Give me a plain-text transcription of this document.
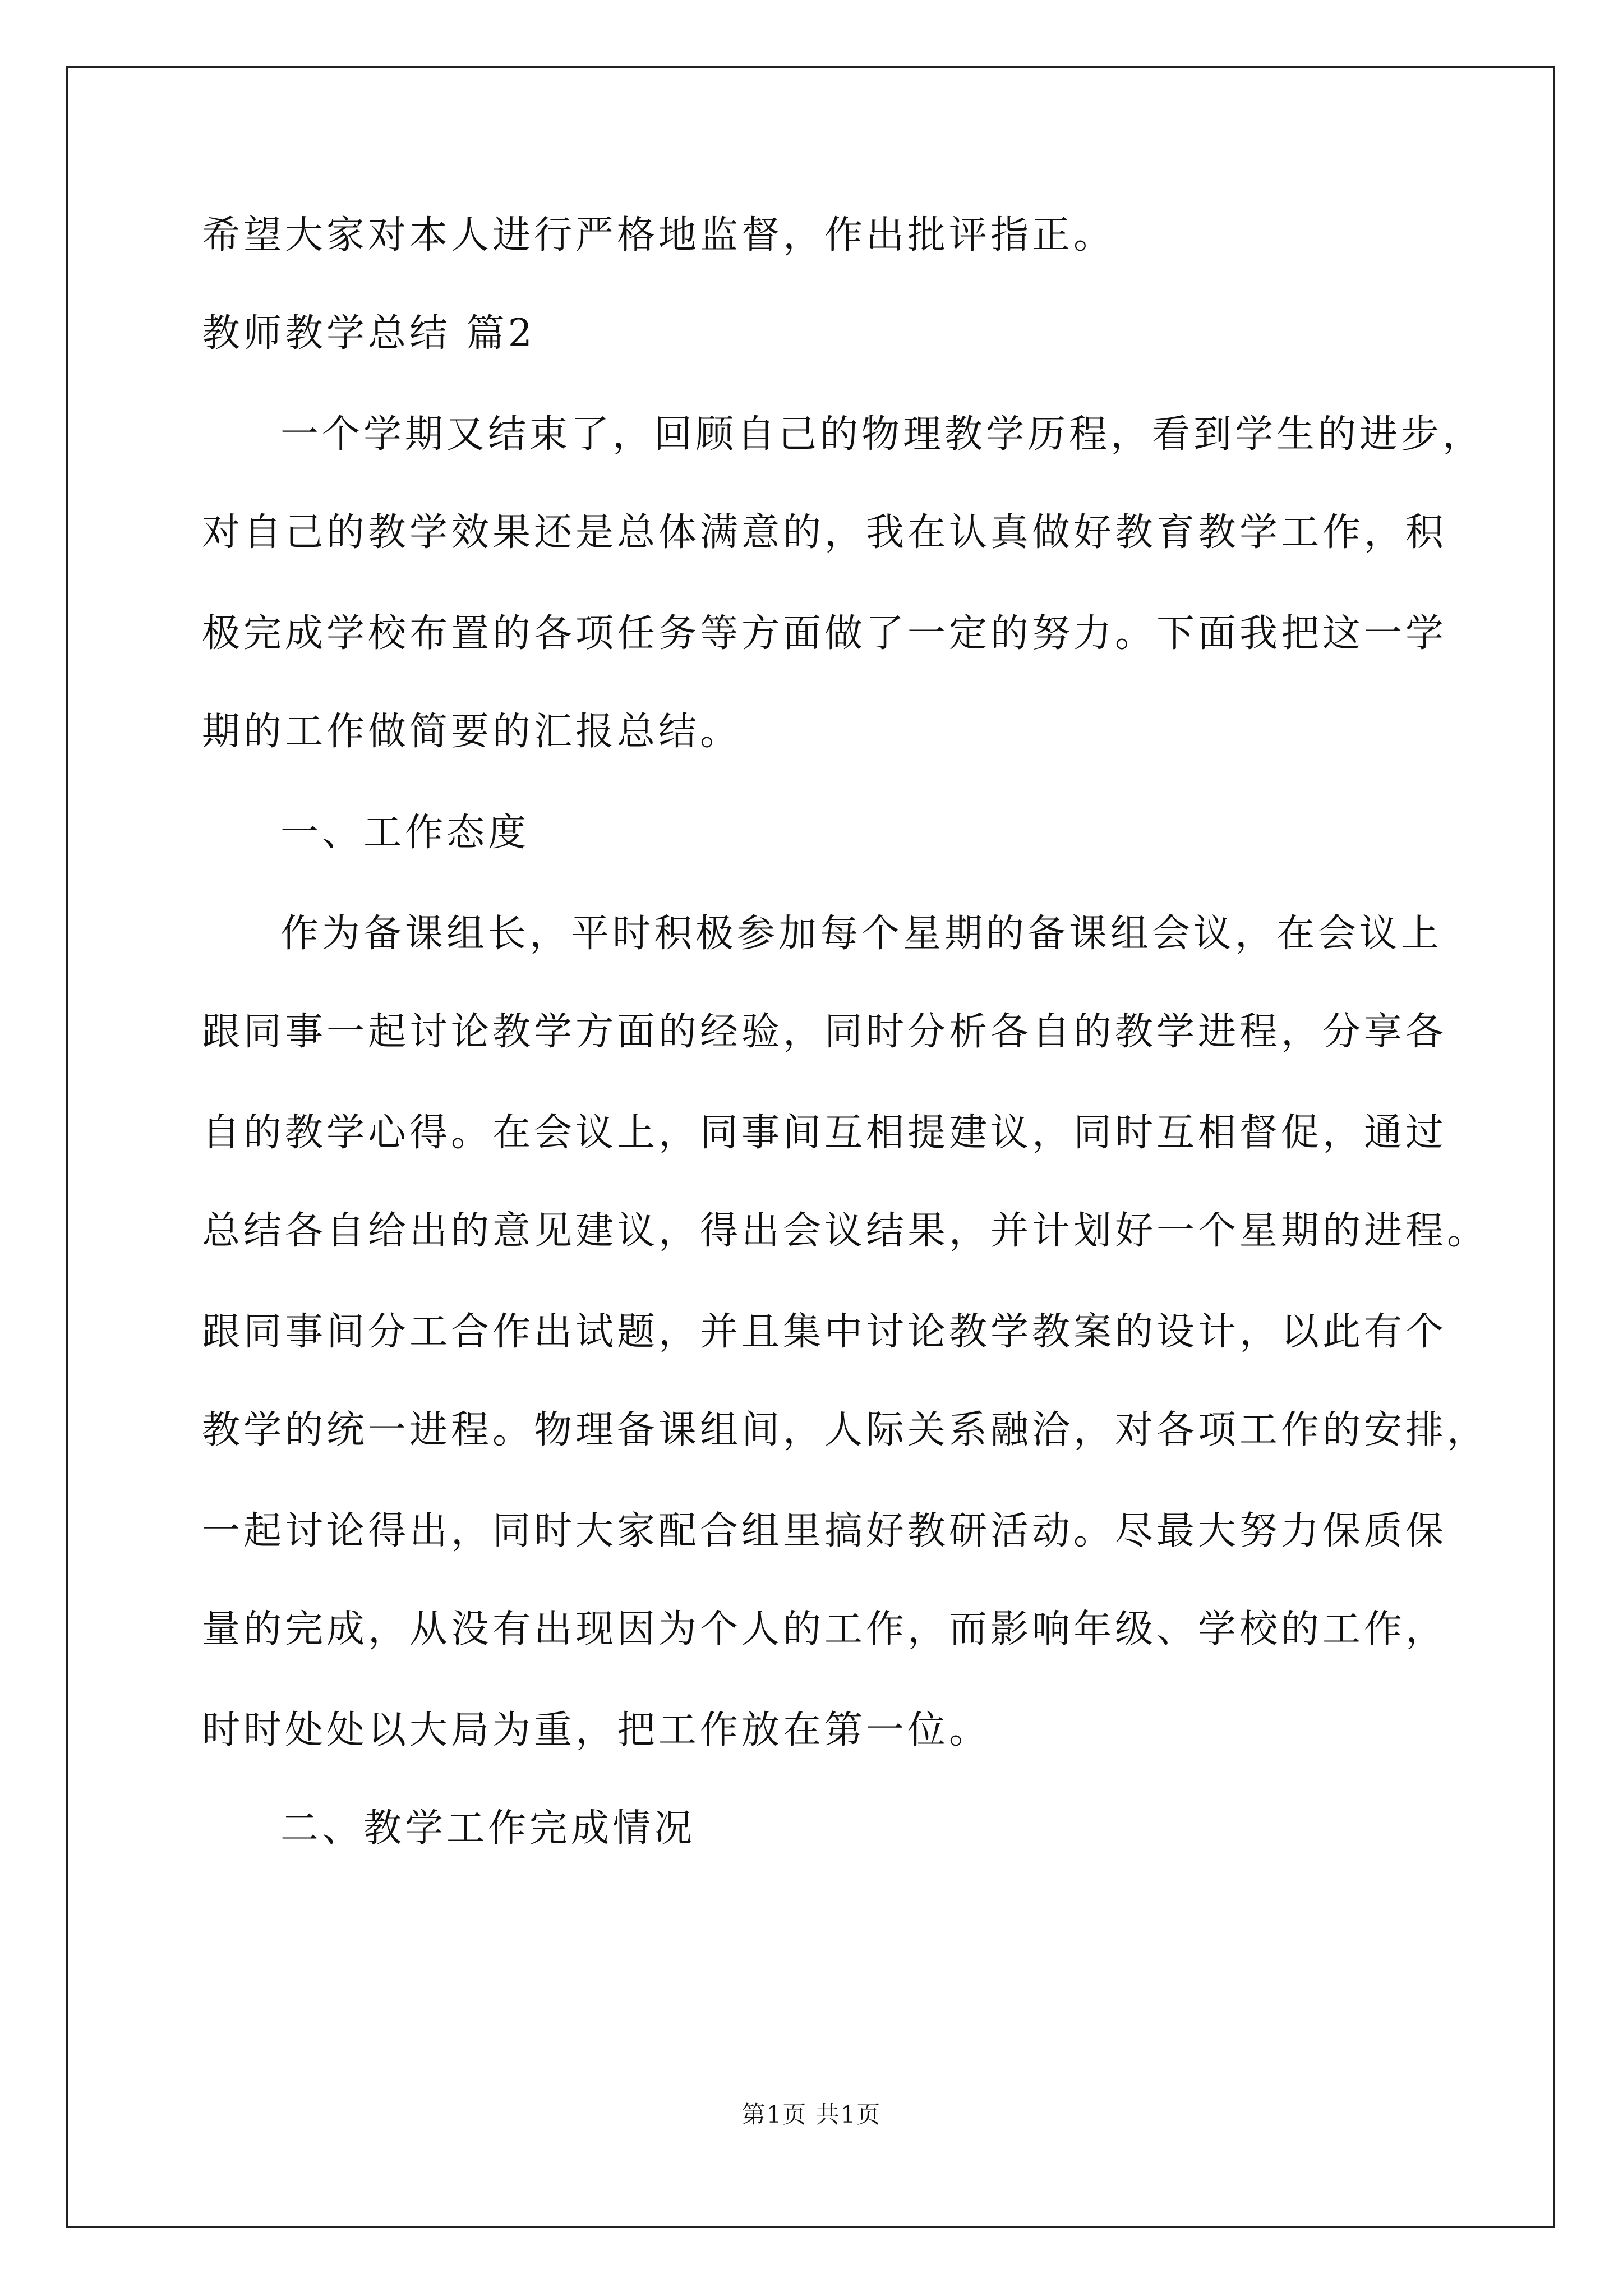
希望大家对本人进行严格地监督，作出批评指正。
教师教学总结 篇2
一个学期又结束了，回顾自己的物理教学历程，看到学生的进步，
对自己的教学效果还是总体满意的，我在认真做好教育教学工作，积
极完成学校布置的各项任务等方面做了一定的努力。下面我把这一学
期的工作做简要的汇报总结。
一、工作态度
作为备课组长，平时积极参加每个星期的备课组会议，在会议上
跟同事一起讨论教学方面的经验，同时分析各自的教学进程，分享各
自的教学心得。在会议上，同事间互相提建议，同时互相督促，通过
总结各自给出的意见建议，得出会议结果，并计划好一个星期的进程。
跟同事间分工合作出试题，并且集中讨论教学教案的设计，以此有个
教学的统一进程。物理备课组间，人际关系融洽，对各项工作的安排，
一起讨论得出，同时大家配合组里搞好教研活动。尽最大努力保质保
量的完成，从没有出现因为个人的工作，而影响年级、学校的工作，
时时处处以大局为重，把工作放在第一位。
二、教学工作完成情况
第1页 共1页
